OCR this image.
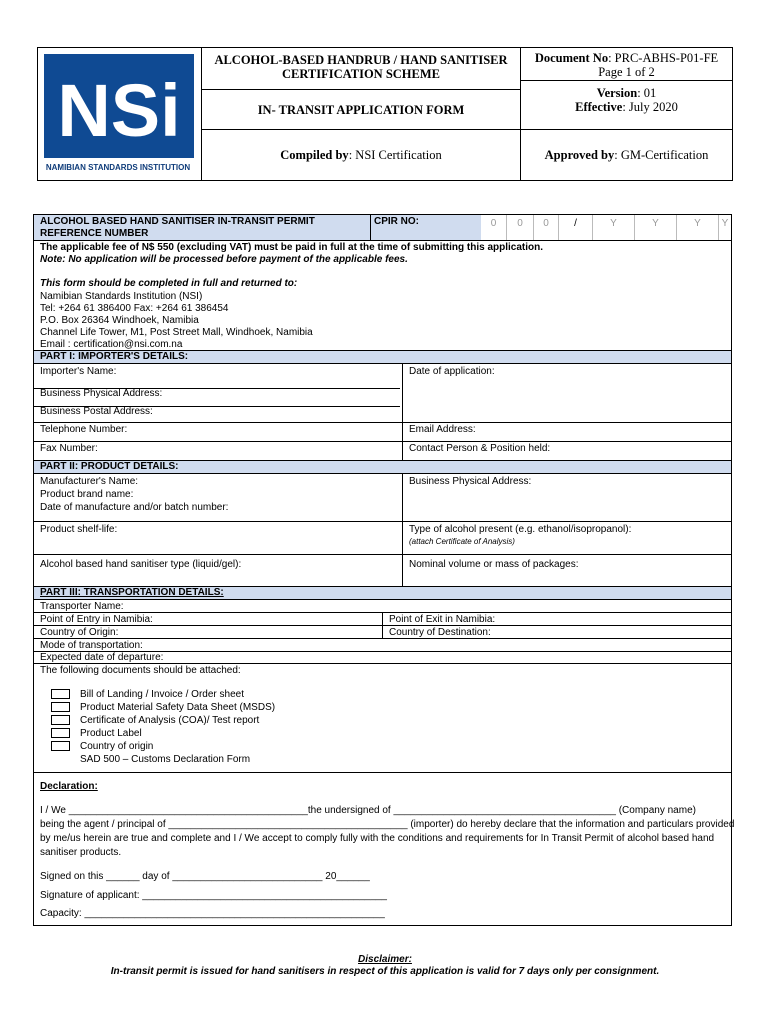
NSi
NAMIBIAN STANDARDS INSTITUTION
ALCOHOL-BASED HANDRUB / HAND SANITISER
CERTIFICATION SCHEME
IN- TRANSIT APPLICATION FORM
Compiled by: NSI Certification
Document No: PRC-ABHS-P01-FE
Page 1 of 2
Version: 01
Effective: July 2020
Approved by: GM-Certification
ALCOHOL BASED HAND SANITISER IN-TRANSIT PERMIT
REFERENCE NUMBER
CPIR NO:	0	0	0	/	Y	Y	Y	Y
The applicable fee of N$ 550 (excluding VAT) must be paid in full at the time of submitting this application.
Note: No application will be processed before payment of the applicable fees.
This form should be completed in full and returned to:
Namibian Standards Institution (NSI)
Tel: +264 61 386400 Fax: +264 61 386454
P.O. Box 26364 Windhoek, Namibia
Channel Life Tower, M1, Post Street Mall, Windhoek, Namibia
Email : certification@nsi.com.na
PART I: IMPORTER'S DETAILS:
Importer's Name:	Date of application:
Business Physical Address:
Business Postal Address:
Telephone Number:	Email Address:
Fax Number:	Contact Person & Position held:
PART II: PRODUCT DETAILS:
Manufacturer's Name:	Business Physical Address:
Product brand name:
Date of manufacture and/or batch number:
Product shelf-life:	Type of alcohol present (e.g. ethanol/isopropanol):
(attach Certificate of Analysis)
Alcohol based hand sanitiser type (liquid/gel):	Nominal volume or mass of packages:
PART III: TRANSPORTATION DETAILS:
Transporter Name:
Point of Entry in Namibia:	Point of Exit in Namibia:
Country of Origin:	Country of Destination:
Mode of transportation:
Expected date of departure:
The following documents should be attached:
Bill of Landing / Invoice / Order sheet
Product Material Safety Data Sheet (MSDS)
Certificate of Analysis (COA)/ Test report
Product Label
Country of origin
SAD 500 – Customs Declaration Form
Declaration:
I / We ___________________________________________the undersigned of ________________________________________ (Company name)
being the agent / principal of ___________________________________________ (importer) do hereby declare that the information and particulars provided
by me/us herein are true and complete and I / We accept to comply fully with the conditions and requirements for In Transit Permit of alcohol based hand
sanitiser products.
Signed on this ______ day of ___________________________ 20______
Signature of applicant: ____________________________________________
Capacity: ______________________________________________________
Disclaimer:
In-transit permit is issued for hand sanitisers in respect of this application is valid for 7 days only per consignment.
